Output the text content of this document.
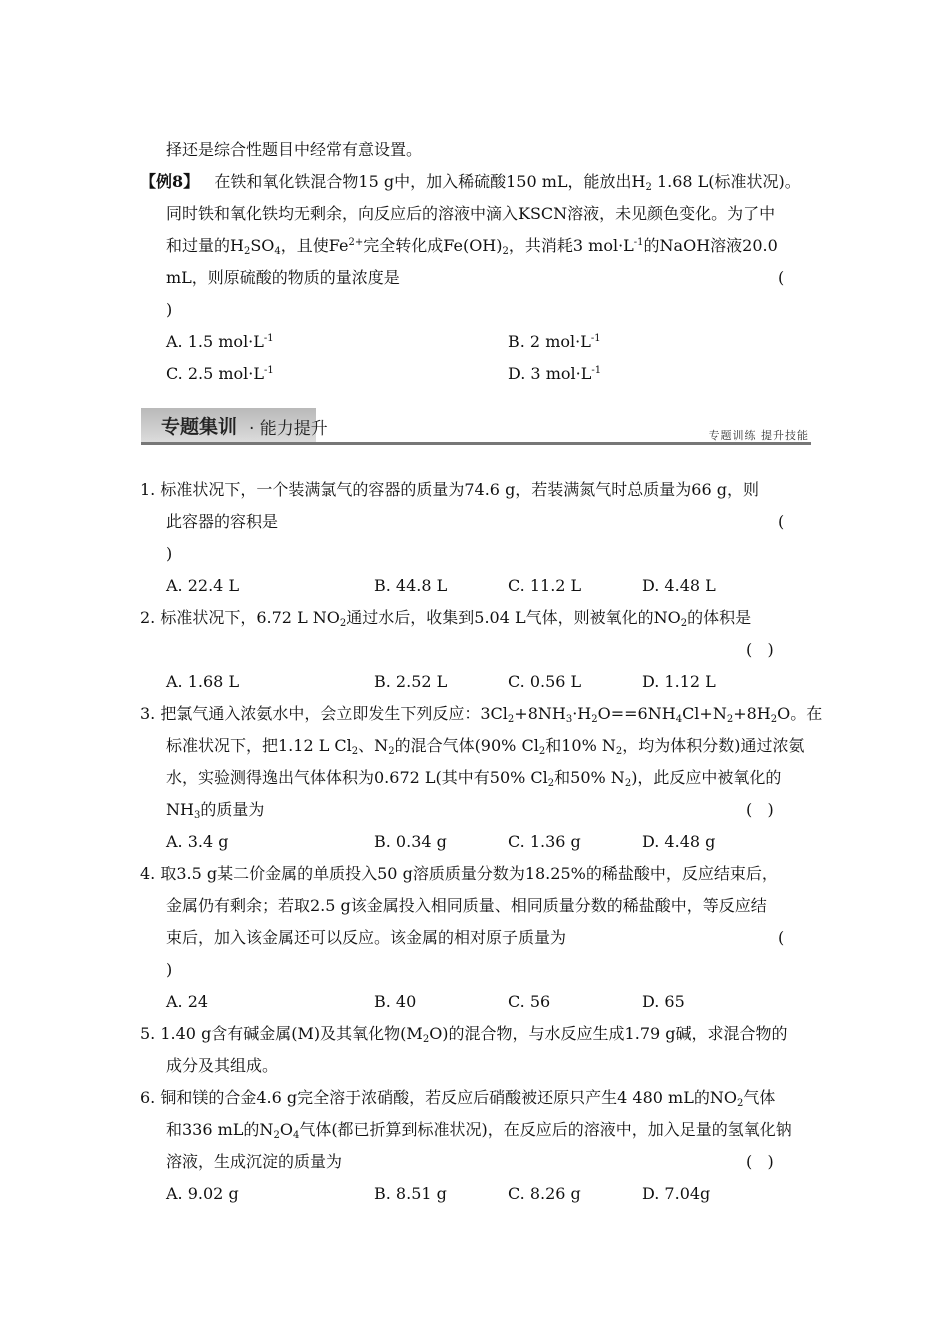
择还是综合性题目中经常有意设置。
【例8】 在铁和氧化铁混合物15 g中，加入稀硫酸150 mL，能放出$H_2$ 1.68 L(标准状况)。
同时铁和氧化铁均无剩余，向反应后的溶液中滴入KSCN溶液，未见颜色变化。为了中
和过量的$H_2SO_4$，且使$Fe^{2+}$完全转化成$Fe(OH)_2$，共消耗3 $mol\cdot L^{-1}$的NaOH溶液20.0
mL，则原硫酸的物质的量浓度是	(
)
A. 1.5 $mol\cdot L^{-1}$	B. 2 $mol\cdot L^{-1}$
C. 2.5 $mol\cdot L^{-1}$	D. 3 $mol\cdot L^{-1}$
专题集训 · 能力提升	专题训练 提升技能
1. 标准状况下，一个装满氯气的容器的质量为74.6 g，若装满氮气时总质量为66 g，则
此容器的容积是	(
)
A. 22.4 L	B. 44.8 L	C. 11.2 L	D. 4.48 L
2. 标准状况下，6.72 L $NO_2$通过水后，收集到5.04 L气体，则被氧化的$NO_2$的体积是
(   )
A. 1.68 L	B. 2.52 L	C. 0.56 L	D. 1.12 L
3. 把氯气通入浓氨水中，会立即发生下列反应：$3Cl_2+8NH_3\cdot H_2O==6NH_4Cl+N_2+8H_2O$。在
标准状况下，把1.12 L $Cl_2$、$N_2$的混合气体(90% $Cl_2$和10% $N_2$，均为体积分数)通过浓氨
水，实验测得逸出气体体积为0.672 L(其中有50% $Cl_2$和50% $N_2$)，此反应中被氧化的
$NH_3$的质量为	(   )
A. 3.4 g	B. 0.34 g	C. 1.36 g	D. 4.48 g
4. 取3.5 g某二价金属的单质投入50 g溶质质量分数为18.25%的稀盐酸中，反应结束后，
金属仍有剩余；若取2.5 g该金属投入相同质量、相同质量分数的稀盐酸中，等反应结
束后，加入该金属还可以反应。该金属的相对原子质量为	(
)
A. 24	B. 40	C. 56	D. 65
5. 1.40 g含有碱金属(M)及其氧化物$(M_2O)$的混合物，与水反应生成1.79 g碱，求混合物的
成分及其组成。
6. 铜和镁的合金4.6 g完全溶于浓硝酸，若反应后硝酸被还原只产生4 480 mL的$NO_2$气体
和336 mL的$N_2O_4$气体(都已折算到标准状况)，在反应后的溶液中，加入足量的氢氧化钠
溶液，生成沉淀的质量为	(   )
A. 9.02 g	B. 8.51 g	C. 8.26 g	D. 7.04g
